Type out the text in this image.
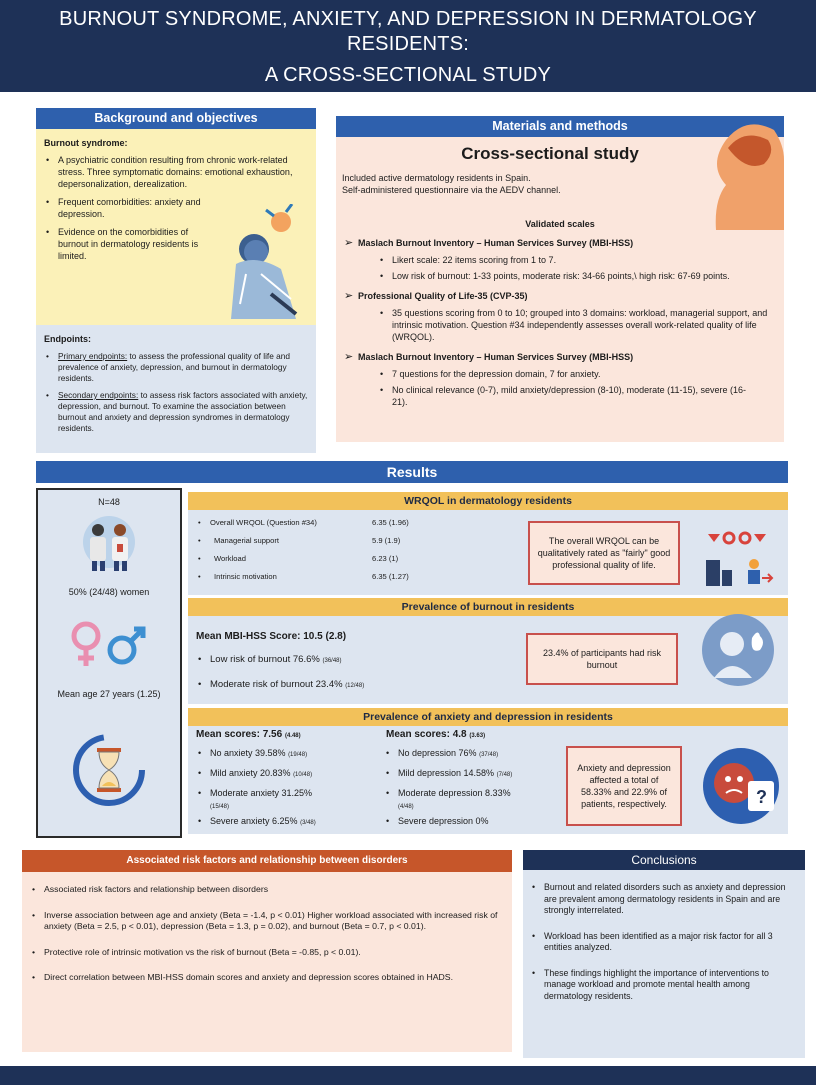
BURNOUT SYNDROME, ANXIETY, AND DEPRESSION IN DERMATOLOGY
RESIDENTS:
A CROSS-SECTIONAL STUDY
Background and objectives
Burnout syndrome:
• A psychiatric condition resulting from chronic work-related stress. Three symptomatic domains: emotional exhaustion, depersonalization, derealization.
• Frequent comorbidities: anxiety and depression.
• Evidence on the comorbidities of burnout in dermatology residents is limited.
Endpoints:
• Primary endpoints: to assess the professional quality of life and prevalence of anxiety, depression, and burnout in dermatology residents.
• Secondary endpoints: to assess risk factors associated with anxiety, depression, and burnout. To examine the association between burnout and anxiety and depression syndromes in dermatology residents.
Materials and methods
Cross-sectional study

Included active dermatology residents in Spain.

Self-administered questionnaire via the AEDV channel.

Validated scales
➢ Maslach Burnout Inventory – Human Services Survey (MBI-HSS)
• Likert scale: 22 items scoring from 1 to 7.
• Low risk of burnout: 1-33 points, moderate risk: 34-66 points,\ high risk: 67-69 points.
➢ Professional Quality of Life-35 (CVP-35)
• 35 questions scoring from 0 to 10; grouped into 3 domains: workload, managerial support, and intrinsic motivation. Question #34 independently assesses overall work-related quality of life (WRQOL).
➢ Maslach Burnout Inventory – Human Services Survey (MBI-HSS)
• 7 questions for the depression domain, 7 for anxiety.
• No clinical relevance (0-7), mild anxiety/depression (8-10), moderate (11-15), severe (16-21).
Results
N=48
50% (24/48) women
Mean age 27 years (1.25)
WRQOL in dermatology residents
•	Overall WRQOL (Question #34)	6.35 (1.96)
•	Managerial support	5.9 (1.9)
•	Workload	6.23 (1)
•	Intrinsic motivation	6.35 (1.27)
The overall WRQOL can be qualitatively rated as "fairly" good professional quality of life.
Prevalence of burnout in residents
Mean MBI-HSS Score: 10.5 (2.8)
• Low risk of burnout 76.6% (36/48)
• Moderate risk of burnout 23.4% (12/48)
23.4% of participants had risk burnout
Prevalence of anxiety and depression in residents
Mean scores: 7.56 (4.48)	Mean scores: 4.8 (3.63)
• No anxiety 39.58% (19/48)
• Mild anxiety 20.83% (10/48)
• Moderate anxiety 31.25%
(15/48)
• Severe anxiety 6.25% (3/48)
• No depression 76% (37/48)
• Mild depression 14.58% (7/48)
• Moderate depression 8.33%
(4/48)
• Severe depression 0%
Anxiety and depression affected a total of 58.33% and 22.9% of patients, respectively.	?
Associated risk factors and relationship between disorders
• Associated risk factors and relationship between disorders
• Inverse association between age and anxiety (Beta = -1.4, p < 0.01) Higher workload associated with increased risk of anxiety (Beta = 2.5, p < 0.01), depression (Beta = 1.3, p = 0.02), and burnout (Beta = 0.7, p < 0.01).
• Protective role of intrinsic motivation vs the risk of burnout (Beta = -0.85, p < 0.01).
• Direct correlation between MBI-HSS domain scores and anxiety and depression scores obtained in HADS.
Conclusions
• Burnout and related disorders such as anxiety and depression are prevalent among dermatology residents in Spain and are strongly interrelated.
• Workload has been identified as a major risk factor for all 3 entities analyzed.
• These findings highlight the importance of interventions to manage workload and promote mental health among dermatology residents.
